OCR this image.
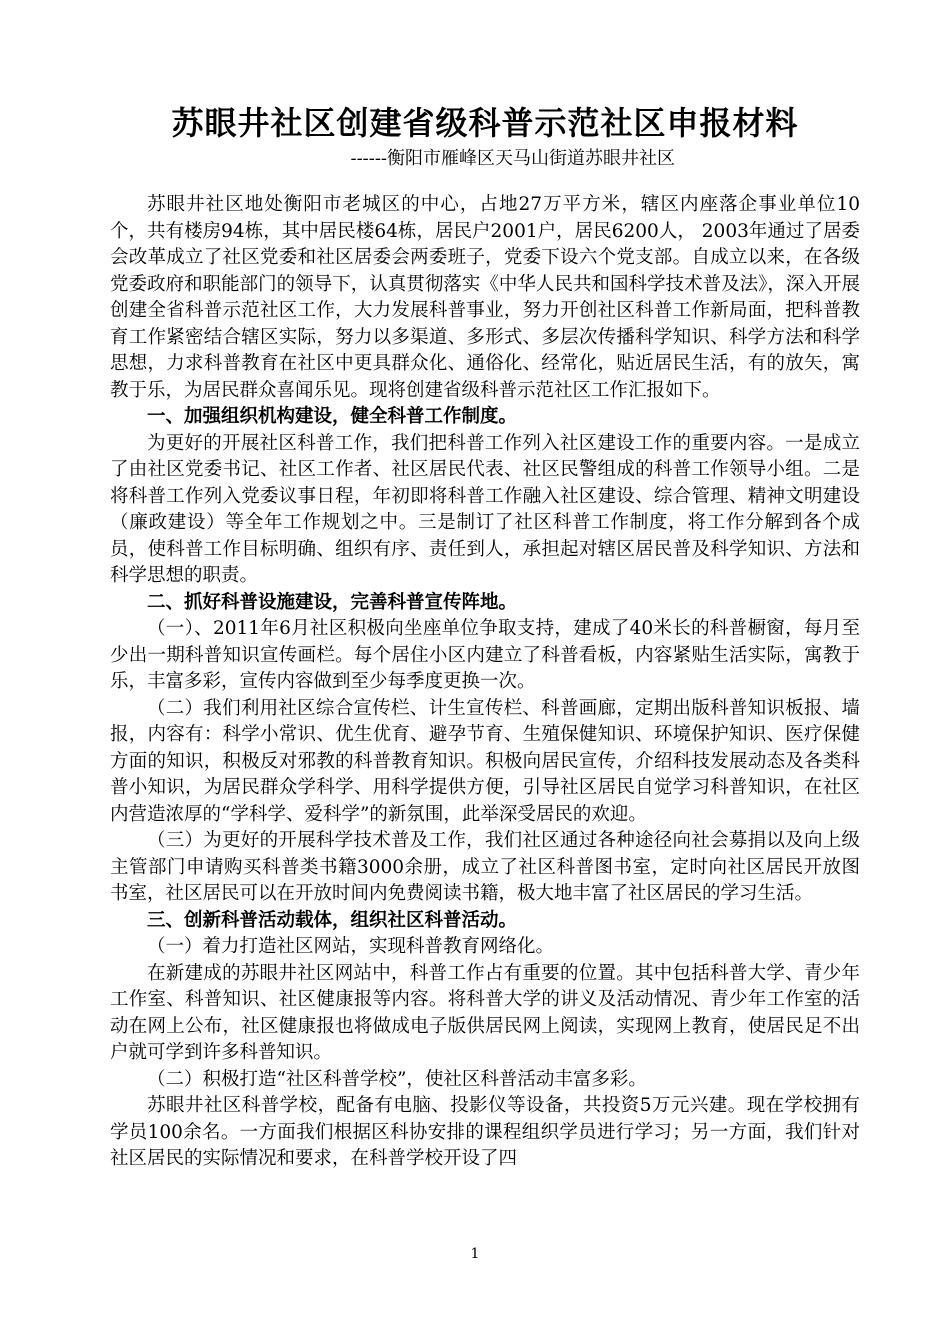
苏眼井社区创建省级科普示范社区申报材料

------衡阳市雁峰区天马山街道苏眼井社区

苏眼井社区地处衡阳市老城区的中心，占地27万平方米，辖区内座落企事业单位10个，共有楼房94栋，其中居民楼64栋，居民户2001户，居民6200人， 2003年通过了居委会改革成立了社区党委和社区居委会两委班子，党委下设六个党支部。自成立以来，在各级党委政府和职能部门的领导下，认真贯彻落实《中华人民共和国科学技术普及法》，深入开展创建全省科普示范社区工作，大力发展科普事业，努力开创社区科普工作新局面，把科普教育工作紧密结合辖区实际，努力以多渠道、多形式、多层次传播科学知识、科学方法和科学思想，力求科普教育在社区中更具群众化、通俗化、经常化，贴近居民生活，有的放矢，寓教于乐，为居民群众喜闻乐见。现将创建省级科普示范社区工作汇报如下。

一、加强组织机构建设，健全科普工作制度。

为更好的开展社区科普工作，我们把科普工作列入社区建设工作的重要内容。一是成立了由社区党委书记、社区工作者、社区居民代表、社区民警组成的科普工作领导小组。二是将科普工作列入党委议事日程，年初即将科普工作融入社区建设、综合管理、精神文明建设（廉政建设）等全年工作规划之中。三是制订了社区科普工作制度，将工作分解到各个成员，使科普工作目标明确、组织有序、责任到人，承担起对辖区居民普及科学知识、方法和科学思想的职责。

二、抓好科普设施建设，完善科普宣传阵地。

（一）、2011年6月社区积极向坐座单位争取支持，建成了40米长的科普橱窗，每月至少出一期科普知识宣传画栏。每个居住小区内建立了科普看板，内容紧贴生活实际，寓教于乐，丰富多彩，宣传内容做到至少每季度更换一次。

（二）我们利用社区综合宣传栏、计生宣传栏、科普画廊，定期出版科普知识板报、墙报，内容有：科学小常识、优生优育、避孕节育、生殖保健知识、环境保护知识、医疗保健方面的知识，积极反对邪教的科普教育知识。积极向居民宣传，介绍科技发展动态及各类科普小知识，为居民群众学科学、用科学提供方便，引导社区居民自觉学习科普知识，在社区内营造浓厚的“学科学、爱科学”的新氛围，此举深受居民的欢迎。

（三）为更好的开展科学技术普及工作，我们社区通过各种途径向社会募捐以及向上级主管部门申请购买科普类书籍3000余册，成立了社区科普图书室，定时向社区居民开放图书室，社区居民可以在开放时间内免费阅读书籍，极大地丰富了社区居民的学习生活。

三、创新科普活动载体，组织社区科普活动。

（一）着力打造社区网站，实现科普教育网络化。

在新建成的苏眼井社区网站中，科普工作占有重要的位置。其中包括科普大学、青少年工作室、科普知识、社区健康报等内容。将科普大学的讲义及活动情况、青少年工作室的活动在网上公布，社区健康报也将做成电子版供居民网上阅读，实现网上教育，使居民足不出户就可学到许多科普知识。

（二）积极打造“社区科普学校”，使社区科普活动丰富多彩。

苏眼井社区科普学校，配备有电脑、投影仪等设备，共投资5万元兴建。现在学校拥有学员100余名。一方面我们根据区科协安排的课程组织学员进行学习；另一方面，我们针对社区居民的实际情况和要求，在科普学校开设了四

1
